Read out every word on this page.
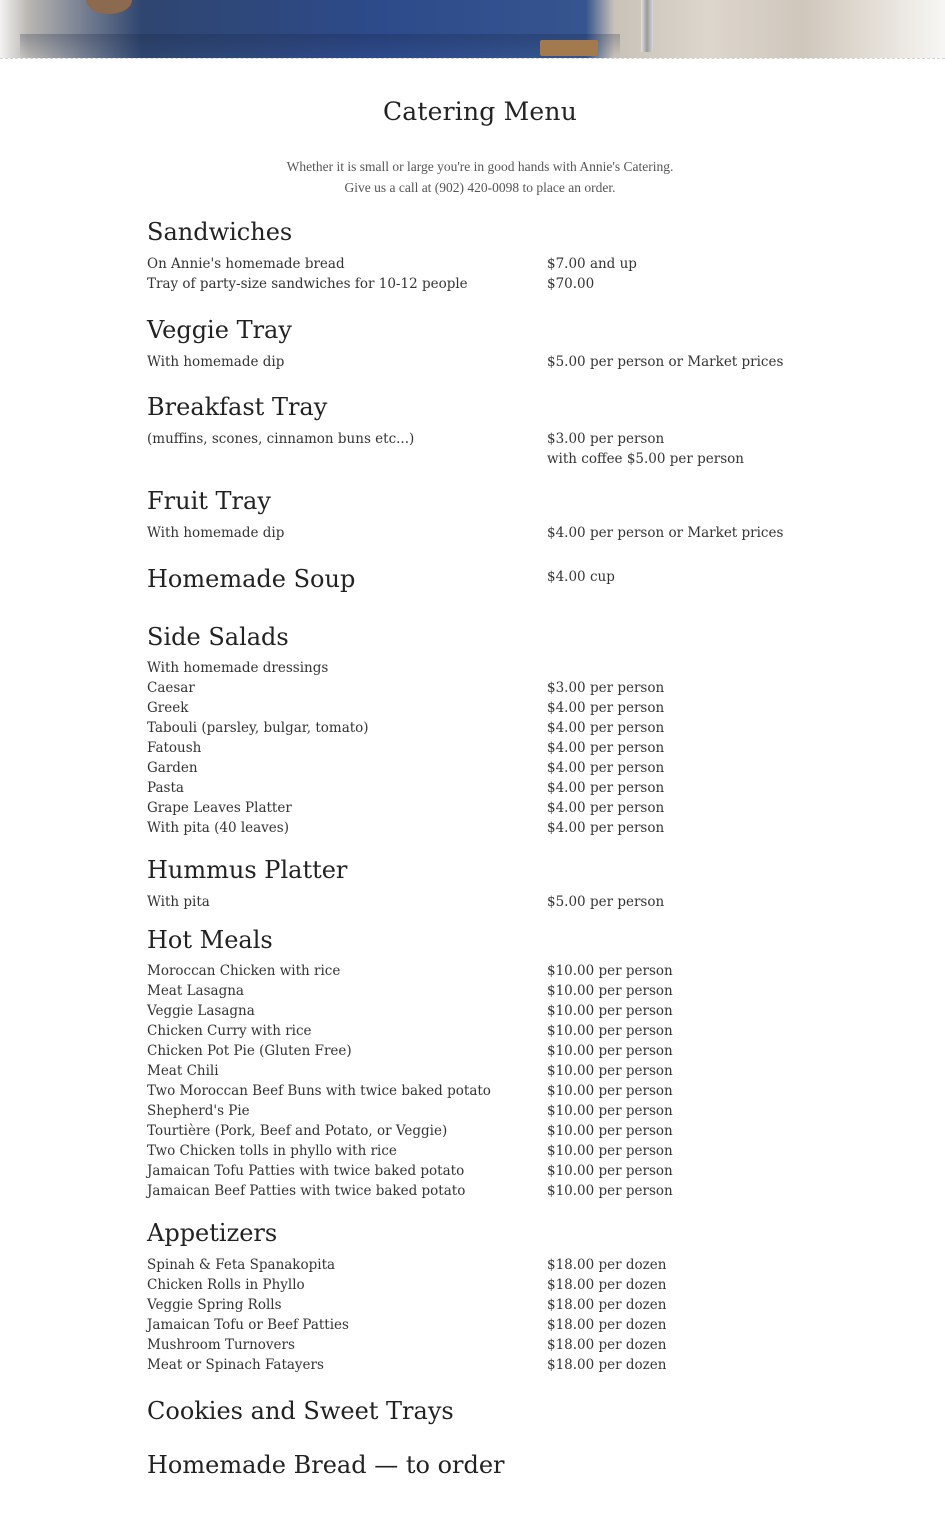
Catering Menu
Whether it is small or large you're in good hands with Annie's Catering.
Give us a call at (902) 420-0098 to place an order.
Sandwiches
On Annie's homemade bread	$7.00 and up
Tray of party-size sandwiches for 10-12 people	$70.00
Veggie Tray
With homemade dip	$5.00 per person or Market prices
Breakfast Tray
(muffins, scones, cinnamon buns etc...)	$3.00 per person
with coffee $5.00 per person
Fruit Tray
With homemade dip	$4.00 per person or Market prices
Homemade Soup	$4.00 cup
Side Salads
With homemade dressings
Caesar	$3.00 per person
Greek	$4.00 per person
Tabouli (parsley, bulgar, tomato)	$4.00 per person
Fatoush	$4.00 per person
Garden	$4.00 per person
Pasta	$4.00 per person
Grape Leaves Platter	$4.00 per person
With pita (40 leaves)	$4.00 per person
Hummus Platter
With pita	$5.00 per person
Hot Meals
Moroccan Chicken with rice	$10.00 per person
Meat Lasagna	$10.00 per person
Veggie Lasagna	$10.00 per person
Chicken Curry with rice	$10.00 per person
Chicken Pot Pie (Gluten Free)	$10.00 per person
Meat Chili	$10.00 per person
Two Moroccan Beef Buns with twice baked potato	$10.00 per person
Shepherd's Pie	$10.00 per person
Tourtière (Pork, Beef and Potato, or Veggie)	$10.00 per person
Two Chicken tolls in phyllo with rice	$10.00 per person
Jamaican Tofu Patties with twice baked potato	$10.00 per person
Jamaican Beef Patties with twice baked potato	$10.00 per person
Appetizers
Spinah & Feta Spanakopita	$18.00 per dozen
Chicken Rolls in Phyllo	$18.00 per dozen
Veggie Spring Rolls	$18.00 per dozen
Jamaican Tofu or Beef Patties	$18.00 per dozen
Mushroom Turnovers	$18.00 per dozen
Meat or Spinach Fatayers	$18.00 per dozen
Cookies and Sweet Trays
Homemade Bread — to order
